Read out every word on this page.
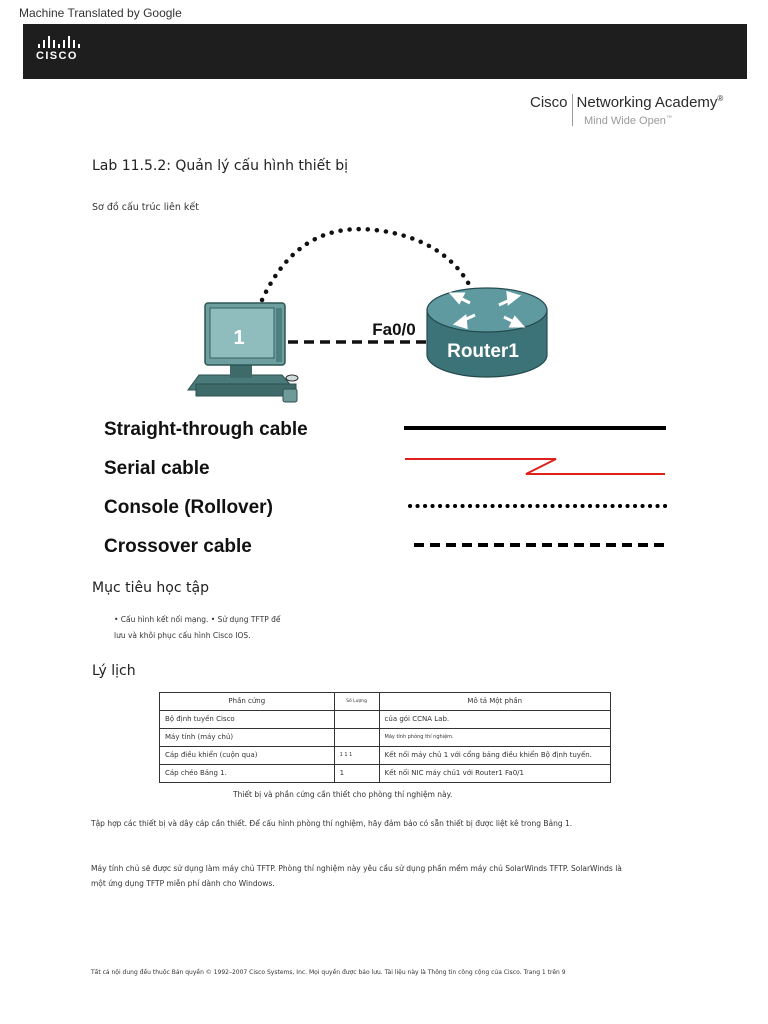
Machine Translated by Google
CISCO
Cisco Networking Academy®
Mind Wide Open™
Lab 11.5.2: Quản lý cấu hình thiết bị
Sơ đồ cấu trúc liên kết
1
Router1
Fa0/0
Straight-through cable
Serial cable
Console (Rollover)
Crossover cable
Mục tiêu học tập
• Cấu hình kết nối mạng. • Sử dụng TFTP để
lưu và khôi phục cấu hình Cisco IOS.
Lý lịch
Phần cứng	Số Lượng	Mô tả Một phần
Bộ định tuyến Cisco		của gói CCNA Lab.
Máy tính (máy chủ)		Máy tính phòng thí nghiệm.
Cáp điều khiển (cuộn qua)	1 1 1	Kết nối máy chủ 1 với cổng bảng điều khiển Bộ định tuyến.
Cáp chéo Bảng 1.	1	Kết nối NIC máy chủ1 với Router1 Fa0/1
Thiết bị và phần cứng cần thiết cho phòng thí nghiệm này.
Tập hợp các thiết bị và dây cáp cần thiết. Để cấu hình phòng thí nghiệm, hãy đảm bảo có sẵn thiết bị được liệt kê trong Bảng 1.
Máy tính chủ sẽ được sử dụng làm máy chủ TFTP. Phòng thí nghiệm này yêu cầu sử dụng phần mềm máy chủ SolarWinds TFTP. SolarWinds là
một ứng dụng TFTP miễn phí dành cho Windows.
Tất cả nội dung đều thuộc Bản quyền © 1992–2007 Cisco Systems, Inc. Mọi quyền được bảo lưu. Tài liệu này là Thông tin công cộng của Cisco. Trang 1 trên 9
